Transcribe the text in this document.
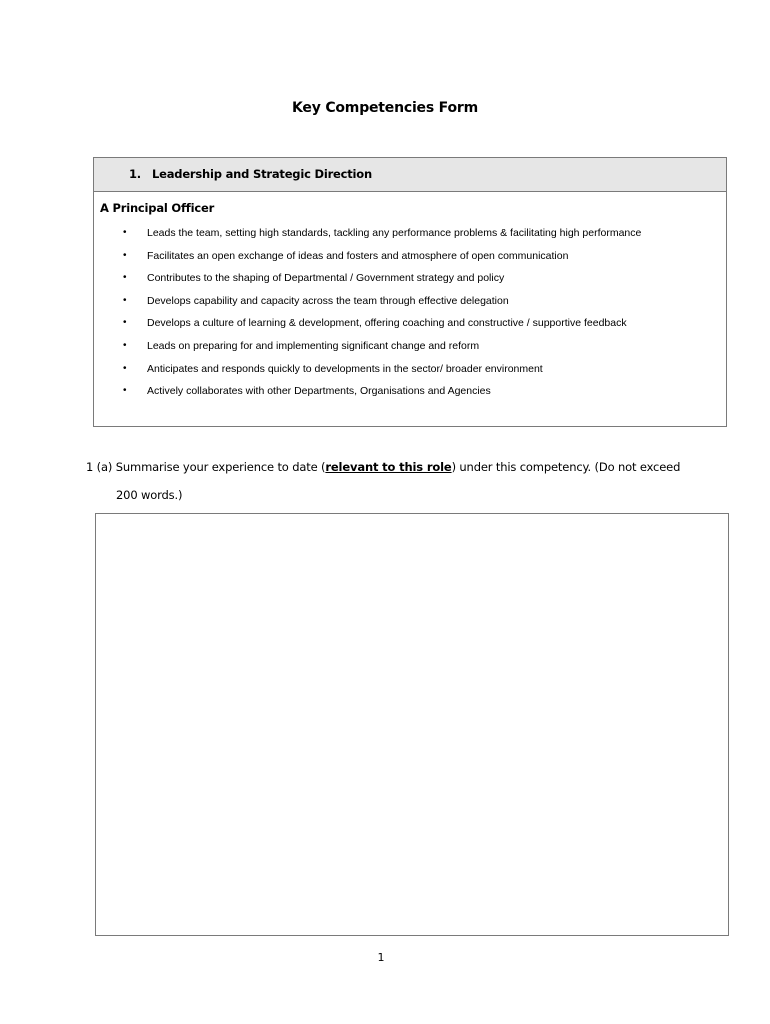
Key Competencies Form
1. Leadership and Strategic Direction
A Principal Officer
• Leads the team, setting high standards, tackling any performance problems & facilitating high performance
• Facilitates an open exchange of ideas and fosters and atmosphere of open communication
• Contributes to the shaping of Departmental / Government strategy and policy
• Develops capability and capacity across the team through effective delegation
• Develops a culture of learning & development, offering coaching and constructive / supportive feedback
• Leads on preparing for and implementing significant change and reform
• Anticipates and responds quickly to developments in the sector/ broader environment
• Actively collaborates with other Departments, Organisations and Agencies
1 (a) Summarise your experience to date (relevant to this role) under this competency. (Do not exceed
200 words.)
1
